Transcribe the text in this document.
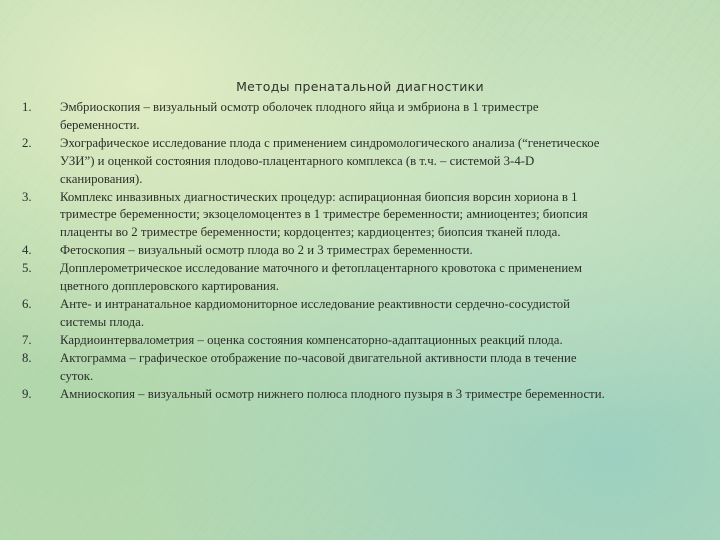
Методы пренатальной диагностики
1.	Эмбриоскопия – визуальный осмотр оболочек плодного яйца и эмбриона в 1 триместре
беременности.
2.	Эхографическое исследование плода с применением синдромологического анализа (“генетическое
УЗИ”) и оценкой состояния плодово-плацентарного комплекса (в т.ч. – системой 3-4-D
сканирования).
3.	Комплекс инвазивных диагностических процедур: аспирационная биопсия ворсин хориона в 1
триместре беременности; экзоцеломоцентез в 1 триместре беременности; амниоцентез; биопсия
плаценты во 2 триместре беременности; кордоцентез; кардиоцентез; биопсия тканей плода.
4.	Фетоскопия – визуальный осмотр плода во 2 и 3 триместрах беременности.
5.	Допплерометрическое исследование маточного и фетоплацентарного кровотока с применением
цветного допплеровского картирования.
6.	Анте- и интранатальное кардиомониторное исследование реактивности сердечно-сосудистой
системы плода.
7.	Кардиоинтервалометрия – оценка состояния компенсаторно-адаптационных реакций плода.
8.	Актограмма – графическое отображение по-часовой двигательной активности плода в течение
суток.
9.	Амниоскопия – визуальный осмотр нижнего полюса плодного пузыря в 3 триместре беременности.
